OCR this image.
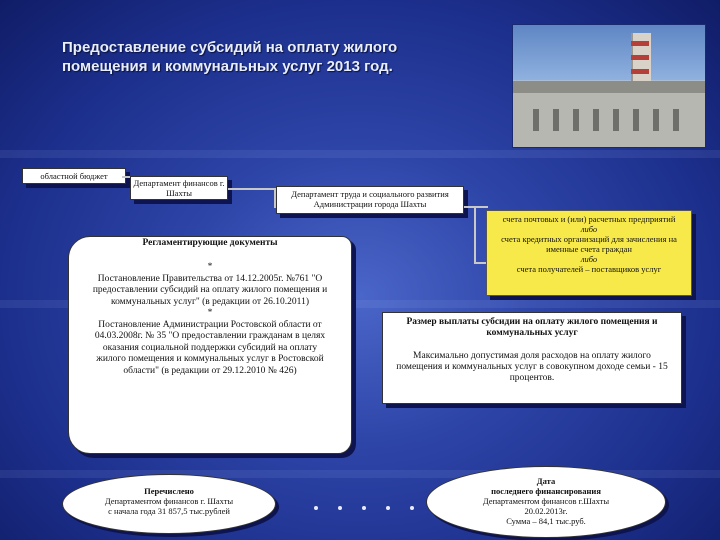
Предоставление субсидий на оплату жилого помещения и коммунальных услуг 2013 год.
областной бюджет
Департамент финансов г. Шахты	Департамент труда и социального развития Администрации города Шахты
счета почтовых и (или) расчетных предприятий
либо
счета кредитных организаций для зачисления на именные счета граждан
либо
счета получателей – поставщиков услуг
Регламентирующие документы
*
Постановление Правительства от 14.12.2005г. №761 "О предоставлении субсидий на оплату жилого помещения и коммунальных услуг" (в редакции от 26.10.2011)
*
Постановление Администрации Ростовской области от 04.03.2008г. № 35 "О предоставлении гражданам в целях оказания социальной поддержки субсидий на оплату жилого помещения и коммунальных услуг в Ростовской области" (в редакции от 29.12.2010 № 426)
Размер выплаты субсидии на оплату жилого помещения и коммунальных услуг
Максимально допустимая доля расходов на оплату жилого помещения и коммунальных услуг в совокупном доходе семьи - 15 процентов.
Перечислено
Департаментом финансов г. Шахты
с начала года 31 857,5 тыс.рублей
Дата
последнего финансирования
Департаментом финансов г.Шахты
20.02.2013г.
Сумма – 84,1 тыс.руб.
